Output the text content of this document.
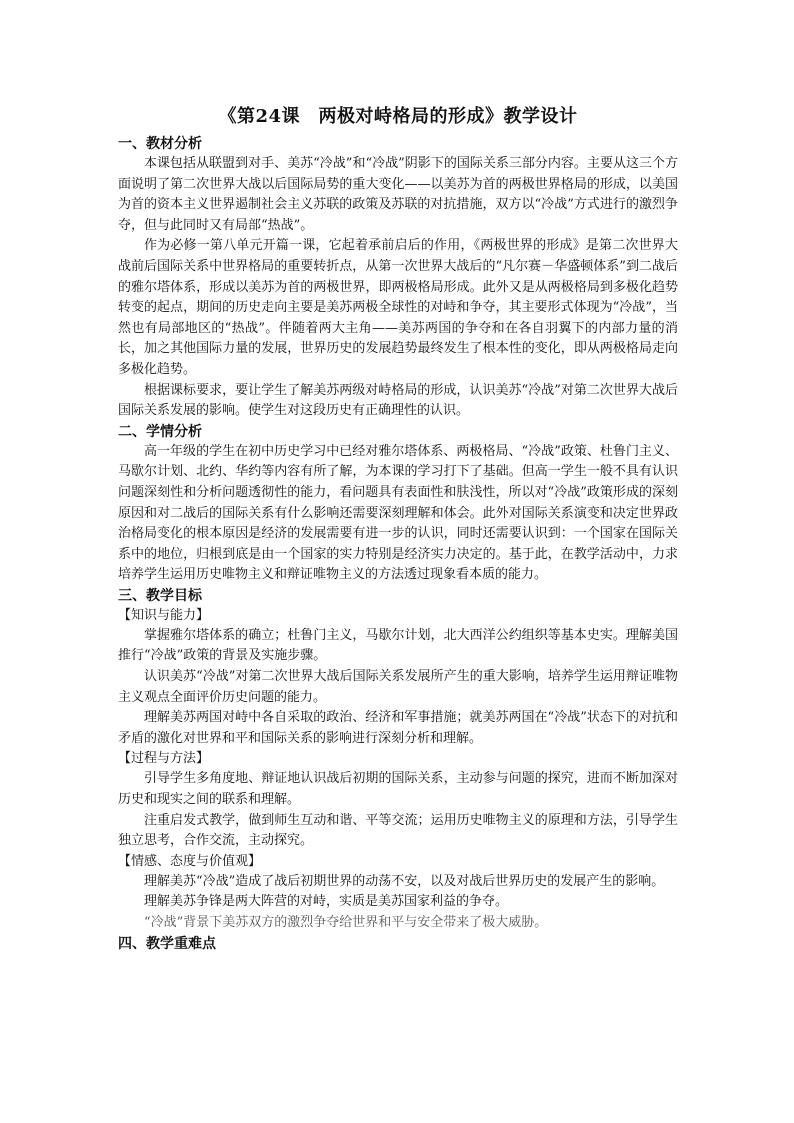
《第24课　两极对峙格局的形成》教学设计
一、教材分析

本课包括从联盟到对手、美苏“冷战”和“冷战”阴影下的国际关系三部分内容。主要从这三个方面说明了第二次世界大战以后国际局势的重大变化——以美苏为首的两极世界格局的形成，以美国为首的资本主义世界遏制社会主义苏联的政策及苏联的对抗措施，双方以“冷战”方式进行的激烈争夺，但与此同时又有局部“热战”。

作为必修一第八单元开篇一课，它起着承前启后的作用，《两极世界的形成》是第二次世界大战前后国际关系中世界格局的重要转折点，从第一次世界大战后的“凡尔赛－华盛顿体系”到二战后的雅尔塔体系，形成以美苏为首的两极世界，即两极格局形成。此外又是从两极格局到多极化趋势转变的起点，期间的历史走向主要是美苏两极全球性的对峙和争夺，其主要形式体现为“冷战”，当然也有局部地区的“热战”。伴随着两大主角——美苏两国的争夺和在各自羽翼下的内部力量的消长，加之其他国际力量的发展，世界历史的发展趋势最终发生了根本性的变化，即从两极格局走向多极化趋势。

根据课标要求，要让学生了解美苏两级对峙格局的形成，认识美苏“冷战”对第二次世界大战后国际关系发展的影响。使学生对这段历史有正确理性的认识。

二、学情分析

高一年级的学生在初中历史学习中已经对雅尔塔体系、两极格局、“冷战”政策、杜鲁门主义、马歇尔计划、北约、华约等内容有所了解，为本课的学习打下了基础。但高一学生一般不具有认识问题深刻性和分析问题透彻性的能力，看问题具有表面性和肤浅性，所以对“冷战”政策形成的深刻原因和对二战后的国际关系有什么影响还需要深刻理解和体会。此外对国际关系演变和决定世界政治格局变化的根本原因是经济的发展需要有进一步的认识，同时还需要认识到：一个国家在国际关系中的地位，归根到底是由一个国家的实力特别是经济实力决定的。基于此，在教学活动中，力求培养学生运用历史唯物主义和辩证唯物主义的方法透过现象看本质的能力。

三、教学目标
【知识与能力】

掌握雅尔塔体系的确立；杜鲁门主义，马歇尔计划，北大西洋公约组织等基本史实。理解美国推行“冷战”政策的背景及实施步骤。

认识美苏“冷战”对第二次世界大战后国际关系发展所产生的重大影响，培养学生运用辩证唯物主义观点全面评价历史问题的能力。

理解美苏两国对峙中各自采取的政治、经济和军事措施；就美苏两国在“冷战”状态下的对抗和矛盾的激化对世界和平和国际关系的影响进行深刻分析和理解。

【过程与方法】

引导学生多角度地、辩证地认识战后初期的国际关系，主动参与问题的探究，进而不断加深对历史和现实之间的联系和理解。

注重启发式教学，做到师生互动和谐、平等交流；运用历史唯物主义的原理和方法，引导学生独立思考，合作交流，主动探究。

【情感、态度与价值观】

理解美苏“冷战”造成了战后初期世界的动荡不安，以及对战后世界历史的发展产生的影响。

理解美苏争锋是两大阵营的对峙，实质是美苏国家利益的争夺。

“冷战”背景下美苏双方的激烈争夺给世界和平与安全带来了极大威胁。

四、教学重难点
